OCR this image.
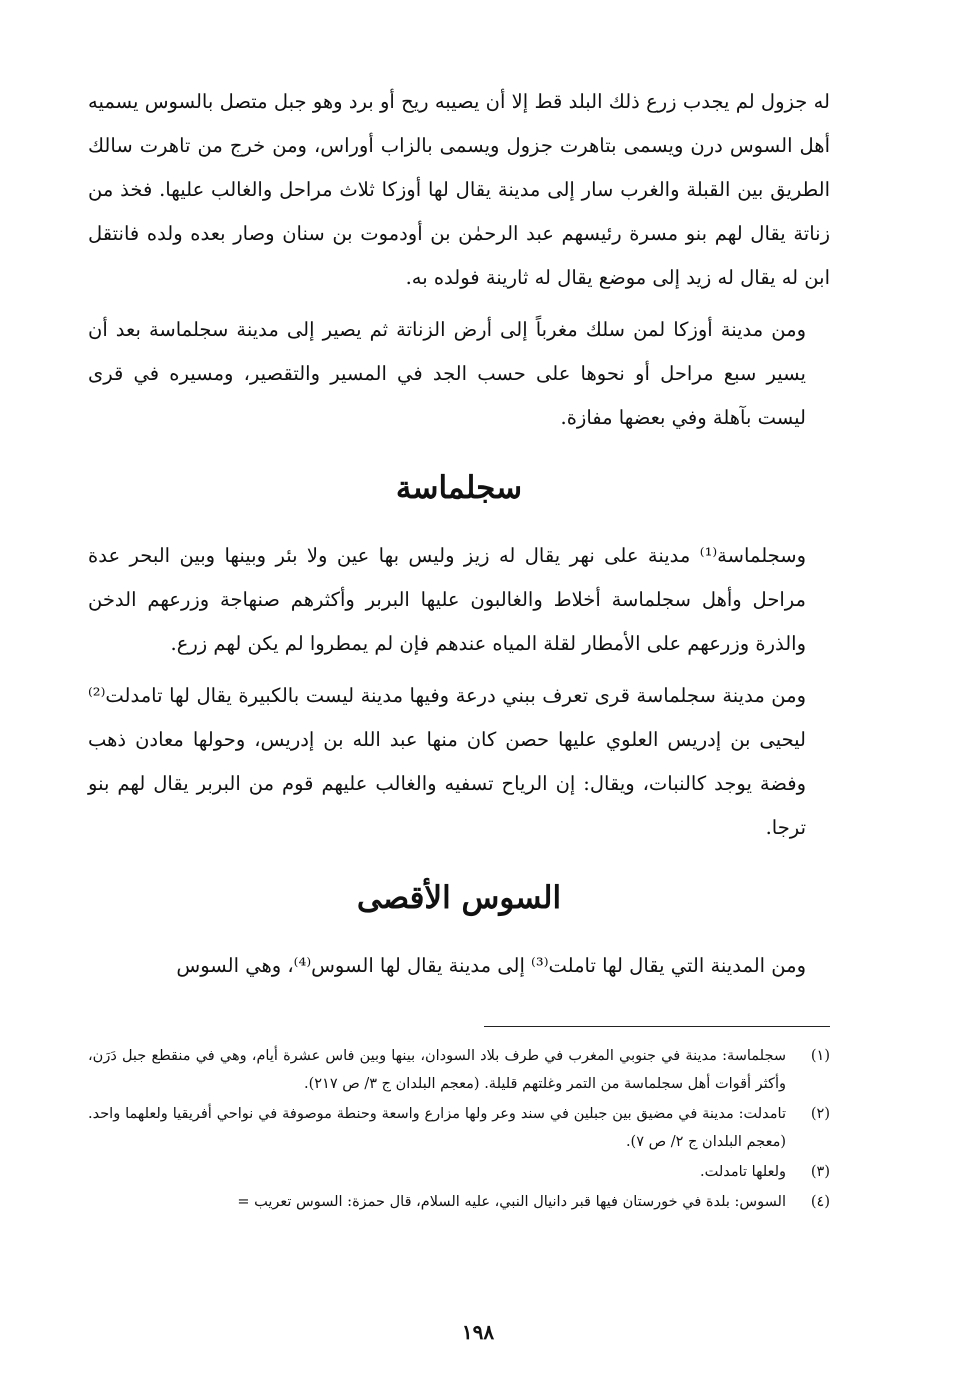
له جزول لم يجدب زرع ذلك البلد قط إلا أن يصيبه ريح أو برد وهو جبل متصل بالسوس يسميه أهل السوس درن ويسمى بتاهرت جزول ويسمى بالزاب أوراس، ومن خرج من تاهرت سالك الطريق بين القبلة والغرب سار إلى مدينة يقال لها أوزكا ثلاث مراحل والغالب عليها. فخذ من زناتة يقال لهم بنو مسرة رئيسهم عبد الرحمٰن بن أودموت بن سنان وصار بعده ولده فانتقل ابن له يقال له زيد إلى موضع يقال له ثارينة فولده به.

ومن مدينة أوزكا لمن سلك مغرباً إلى أرض الزناتة ثم يصير إلى مدينة سجلماسة بعد أن يسير سبع مراحل أو نحوها على حسب الجد في المسير والتقصير، ومسيره في قرى ليست بآهلة وفي بعضها مفازة.

سجلماسة

وسجلماسة⁽¹⁾ مدينة على نهر يقال له زيز وليس بها عين ولا بئر وبينها وبين البحر عدة مراحل وأهل سجلماسة أخلاط والغالبون عليها البربر وأكثرهم صنهاجة وزرعهم الدخن والذرة وزرعهم على الأمطار لقلة المياه عندهم فإن لم يمطروا لم يكن لهم زرع.

ومن مدينة سجلماسة قرى تعرف ببني درعة وفيها مدينة ليست بالكبيرة يقال لها تامدلت⁽²⁾ ليحيى بن إدريس العلوي عليها حصن كان منها عبد الله بن إدريس، وحولها معادن ذهب وفضة يوجد كالنبات، ويقال: إن الرياح تسفيه والغالب عليهم قوم من البربر يقال لهم بنو ترجا.

السوس الأقصى

ومن المدينة التي يقال لها تاملت⁽³⁾ إلى مدينة يقال لها السوس⁽⁴⁾، وهي السوس

(١)
سجلماسة: مدينة في جنوبي المغرب في طرف بلاد السودان، بينها وبين فاس عشرة أيام، وهي في منقطع جبل دَرَن، وأكثر أقوات أهل سجلماسة من التمر وغلتهم قليلة. (معجم البلدان ج ٣/ ص ٢١٧).
(٢)
تامدلت: مدينة في مضيق بين جبلين في سند وعر ولها مزارع واسعة وحنطة موصوفة في نواحي أفريقيا ولعلهما واحد. (معجم البلدان ج ٢/ ص ٧).
(٣)
ولعلها تامدلت.
(٤)
السوس: بلدة في خورستان فيها قبر دانيال النبي، عليه السلام، قال حمزة: السوس تعريب =
١٩٨
